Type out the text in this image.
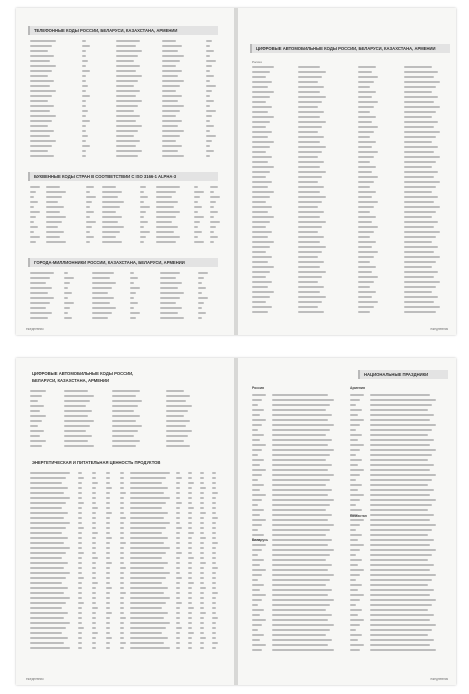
ТЕЛЕФОННЫЕ КОДЫ РОССИИ, БЕЛАРУСИ, КАЗАХСТАНА, АРМЕНИИ
БУКВЕННЫЕ КОДЫ СТРАН В СООТВЕТСТВИИ С ISO 3166-1 ALPHA-3
ГОРОДА-МИЛЛИОННИКИ РОССИИ, КАЗАХСТАНА, БЕЛАРУСИ, АРМЕНИИ
ежедневник
ЦИФРОВЫЕ АВТОМОБИЛЬНЫЕ КОДЫ РОССИИ, БЕЛАРУСИ, КАЗАХСТАНА, АРМЕНИИ
Россия
ежедневник
ЦИФРОВЫЕ АВТОМОБИЛЬНЫЕ КОДЫ РОССИИ, БЕЛАРУСИ, КАЗАХСТАНА, АРМЕНИИ
ЭНЕРГЕТИЧЕСКАЯ И ПИТАТЕЛЬНАЯ ЦЕННОСТЬ ПРОДУКТОВ
ежедневник
НАЦИОНАЛЬНЫЕ ПРАЗДНИКИ
Россия	Армения
Беларусь
Казахстан
ежедневник
